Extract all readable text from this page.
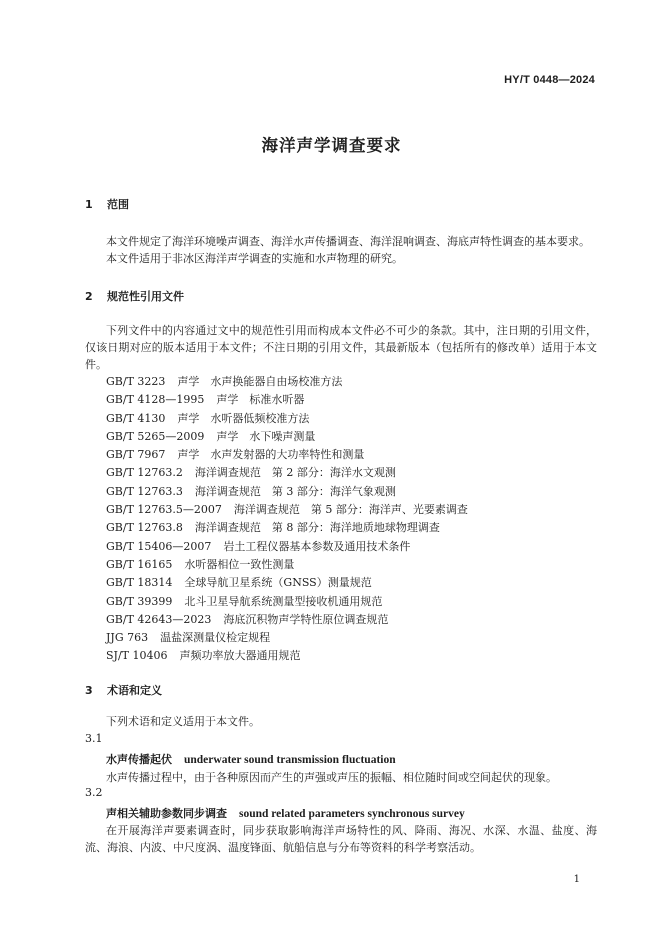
HY/T 0448—2024
海洋声学调查要求
1 范围
本文件规定了海洋环境噪声调查、海洋水声传播调查、海洋混响调查、海底声特性调查的基本要求。
本文件适用于非冰区海洋声学调查的实施和水声物理的研究。
2 规范性引用文件
下列文件中的内容通过文中的规范性引用而构成本文件必不可少的条款。其中，注日期的引用文件，仅该日期对应的版本适用于本文件；不注日期的引用文件，其最新版本（包括所有的修改单）适用于本文件。
GB/T 3223 声学　水声换能器自由场校准方法
GB/T 4128—1995 声学　标准水听器
GB/T 4130 声学　水听器低频校准方法
GB/T 5265—2009 声学　水下噪声测量
GB/T 7967 声学　水声发射器的大功率特性和测量
GB/T 12763.2 海洋调查规范　第 2 部分：海洋水文观测
GB/T 12763.3 海洋调查规范　第 3 部分：海洋气象观测
GB/T 12763.5—2007 海洋调查规范　第 5 部分：海洋声、光要素调查
GB/T 12763.8 海洋调查规范　第 8 部分：海洋地质地球物理调查
GB/T 15406—2007 岩土工程仪器基本参数及通用技术条件
GB/T 16165 水听器相位一致性测量
GB/T 18314 全球导航卫星系统（GNSS）测量规范
GB/T 39399 北斗卫星导航系统测量型接收机通用规范
GB/T 42643—2023 海底沉积物声学特性原位调查规范
JJG 763 温盐深测量仪检定规程
SJ/T 10406 声频功率放大器通用规范
3 术语和定义
下列术语和定义适用于本文件。
3.1
水声传播起伏 underwater sound transmission fluctuation
水声传播过程中，由于各种原因而产生的声强或声压的振幅、相位随时间或空间起伏的现象。
3.2
声相关辅助参数同步调查 sound related parameters synchronous survey
在开展海洋声要素调查时，同步获取影响海洋声场特性的风、降雨、海况、水深、水温、盐度、海流、海浪、内波、中尺度涡、温度锋面、航船信息与分布等资料的科学考察活动。
1
